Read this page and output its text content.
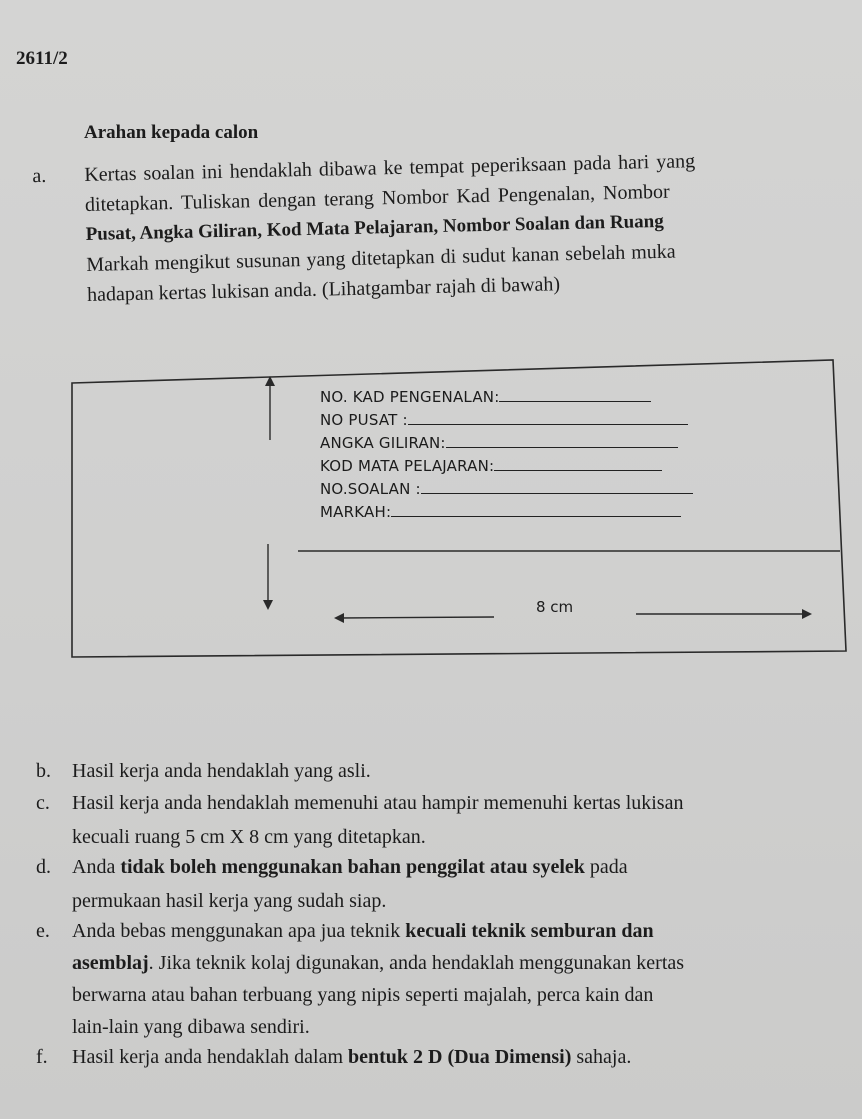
2611/2
Arahan kepada calon
a. Kertas soalan ini hendaklah dibawa ke tempat peperiksaan pada hari yang
ditetapkan. Tuliskan dengan terang Nombor Kad Pengenalan, Nombor
Pusat, Angka Giliran, Kod Mata Pelajaran, Nombor Soalan dan Ruang
Markah mengikut susunan yang ditetapkan di sudut kanan sebelah muka
hadapan kertas lukisan anda. (Lihatgambar rajah di bawah)
NO. KAD PENGENALAN:
NO PUSAT :
ANGKA GILIRAN:
KOD MATA PELAJARAN:
NO.SOALAN :
MARKAH:
8 cm
b. Hasil kerja anda hendaklah yang asli.
c. Hasil kerja anda hendaklah memenuhi atau hampir memenuhi kertas lukisan
kecuali ruang 5 cm X 8 cm yang ditetapkan.
d. Anda tidak boleh menggunakan bahan penggilat atau syelek pada
permukaan hasil kerja yang sudah siap.
e. Anda bebas menggunakan apa jua teknik kecuali teknik semburan dan
asemblaj. Jika teknik kolaj digunakan, anda hendaklah menggunakan kertas
berwarna atau bahan terbuang yang nipis seperti majalah, perca kain dan
lain-lain yang dibawa sendiri.
f. Hasil kerja anda hendaklah dalam bentuk 2 D (Dua Dimensi) sahaja.
